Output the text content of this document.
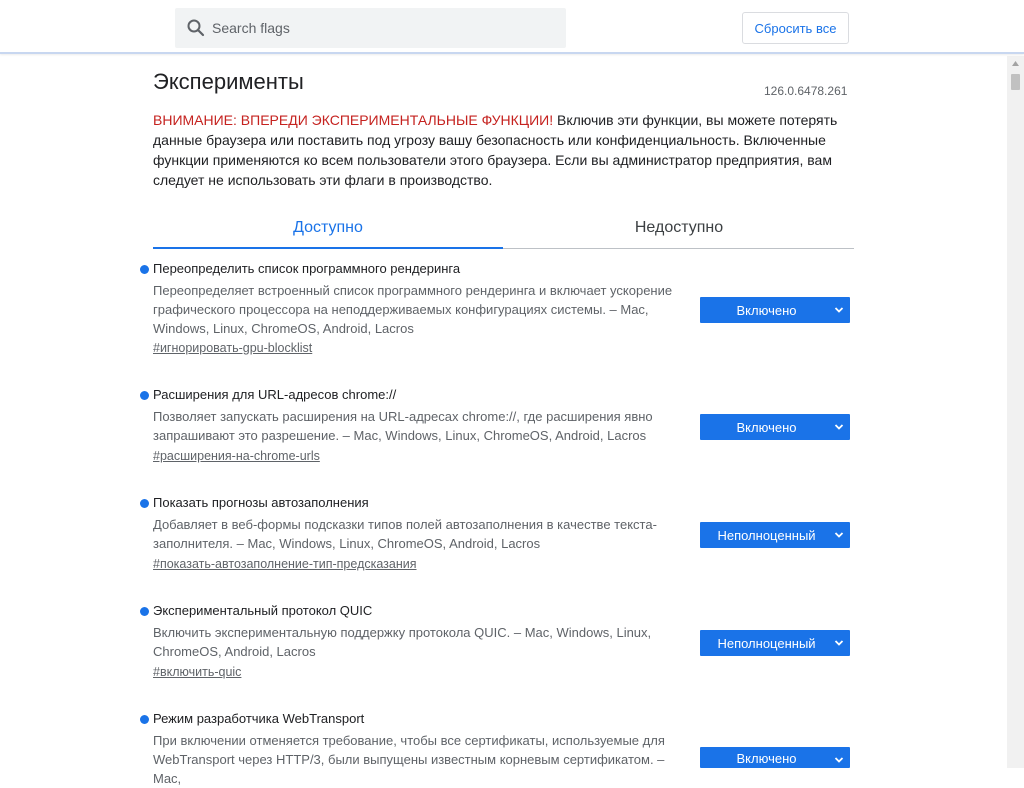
Search flags
Сбросить все
Эксперименты	126.0.6478.261

ВНИМАНИЕ: ВПЕРЕДИ ЭКСПЕРИМЕНТАЛЬНЫЕ ФУНКЦИИ! Включив эти функции, вы можете потерять данные браузера или поставить под угрозу вашу безопасность или конфиденциальность. Включенные функции применяются ко всем пользователи этого браузера. Если вы администратор предприятия, вам следует не использовать эти флаги в производство.

Доступно	Недоступно
Переопределить список программного рендеринга
Переопределяет встроенный список программного рендеринга и включает ускорение графического процессора на неподдерживаемых конфигурациях системы. – Mac, Windows, Linux, ChromeOS, Android, Lacros
#игнорировать-gpu-blocklist
Включено
Расширения для URL-адресов chrome://
Позволяет запускать расширения на URL-адресах chrome://, где расширения явно запрашивают это разрешение. – Mac, Windows, Linux, ChromeOS, Android, Lacros
#расширения-на-chrome-urls
Включено
Показать прогнозы автозаполнения
Добавляет в веб-формы подсказки типов полей автозаполнения в качестве текста-заполнителя. – Mac, Windows, Linux, ChromeOS, Android, Lacros
#показать-автозаполнение-тип-предсказания
Неполноценный
Экспериментальный протокол QUIC
Включить экспериментальную поддержку протокола QUIC. – Mac, Windows, Linux, ChromeOS, Android, Lacros
#включить-quic
Неполноценный
Режим разработчика WebTransport
При включении отменяется требование, чтобы все сертификаты, используемые для WebTransport через HTTP/3, были выпущены известным корневым сертификатом. – Mac,
Включено
